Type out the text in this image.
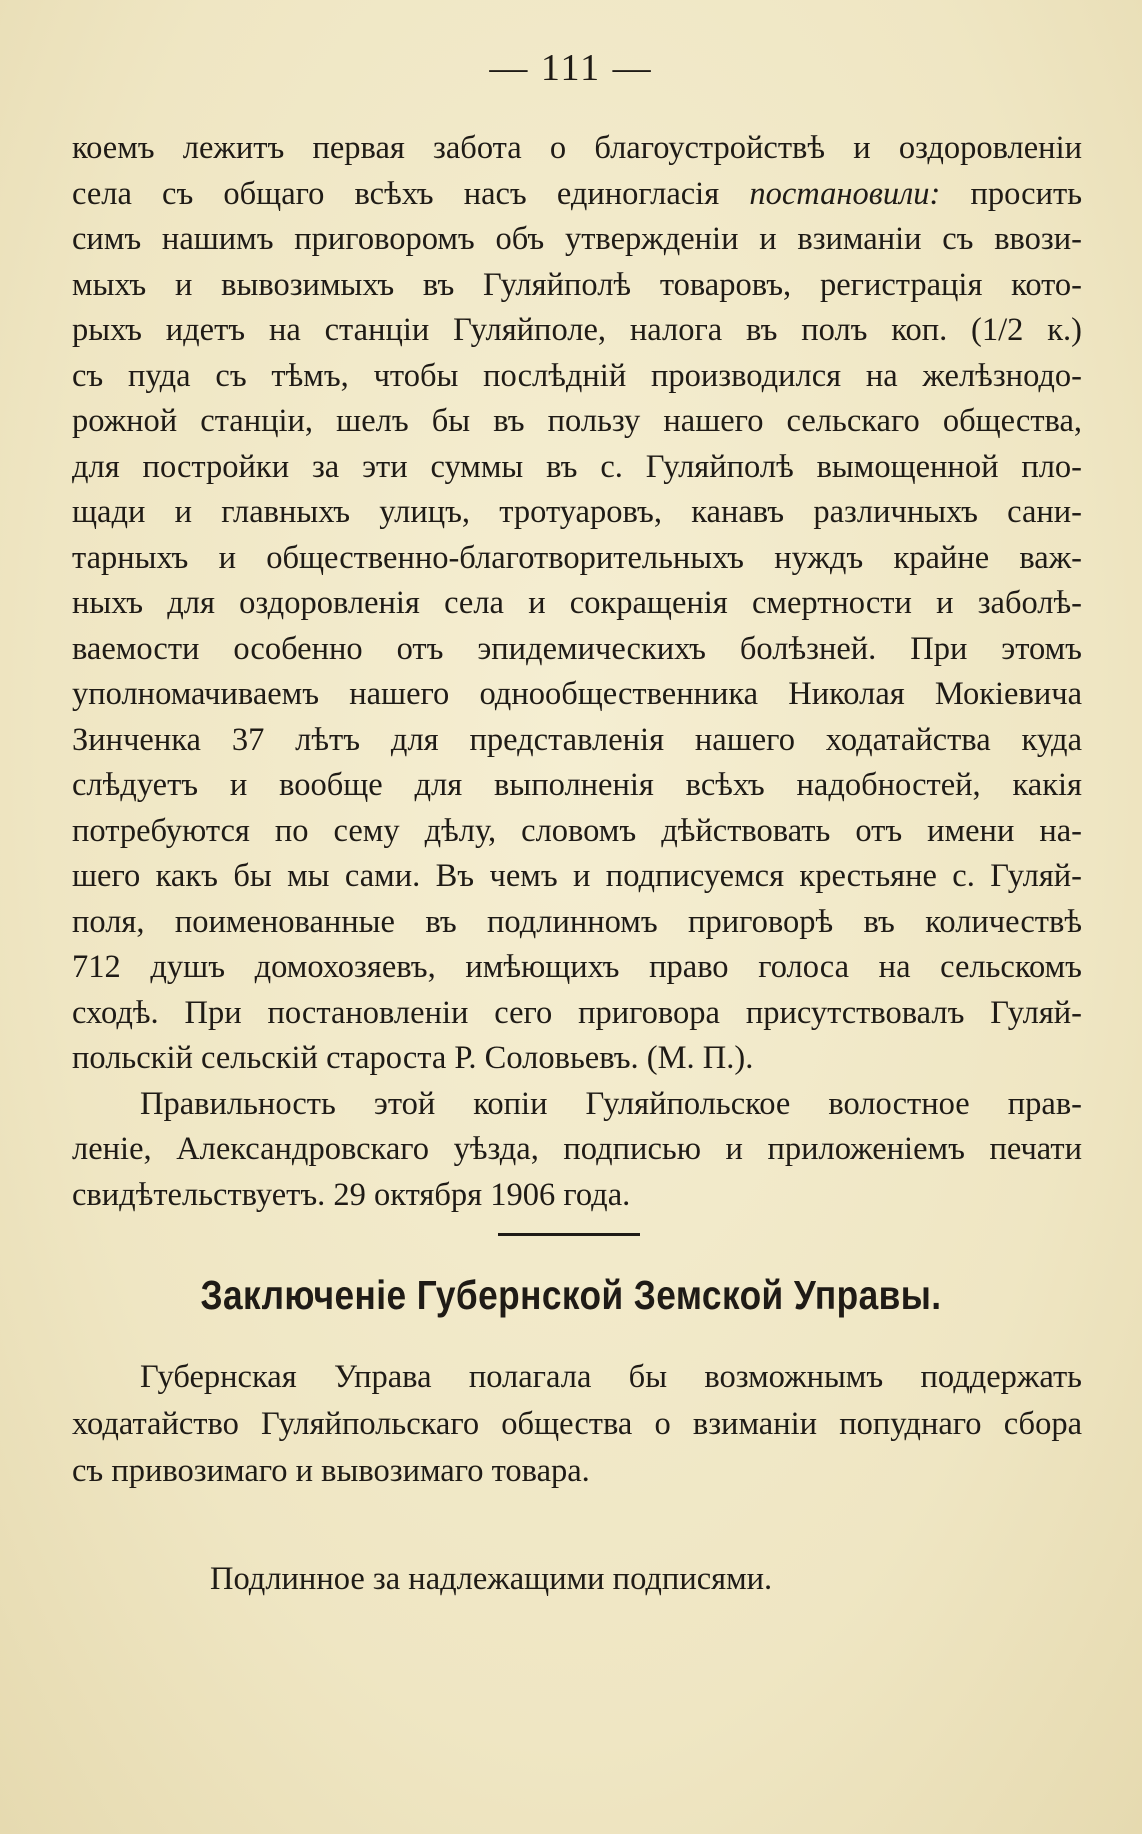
— 111 —

коемъ лежитъ первая забота о благоустройствѣ и оздоровленіи

села съ общаго всѣхъ насъ единогласія постановили: просить

симъ нашимъ приговоромъ объ утвержденіи и взиманіи съ ввози-

мыхъ и вывозимыхъ въ Гуляйполѣ товаровъ, регистрація кото-

рыхъ идетъ на станціи Гуляйполе, налога въ полъ коп. (1/2 к.)

съ пуда съ тѣмъ, чтобы послѣдній производился на желѣзнодо-

рожной станціи, шелъ бы въ пользу нашего сельскаго общества,

для постройки за эти суммы въ с. Гуляйполѣ вымощенной пло-

щади и главныхъ улицъ, тротуаровъ, канавъ различныхъ сани-

тарныхъ и общественно-благотворительныхъ нуждъ крайне важ-

ныхъ для оздоровленія села и сокращенія смертности и заболѣ-

ваемости особенно отъ эпидемическихъ болѣзней. При этомъ

уполномачиваемъ нашего однообщественника Николая Мокіевича

Зинченка 37 лѣтъ для представленія нашего ходатайства куда

слѣдуетъ и вообще для выполненія всѣхъ надобностей, какія

потребуются по сему дѣлу, словомъ дѣйствовать отъ имени на-

шего какъ бы мы сами. Въ чемъ и подписуемся крестьяне с. Гуляй-

поля, поименованные въ подлинномъ приговорѣ въ количествѣ

712 душъ домохозяевъ, имѣющихъ право голоса на сельскомъ

сходѣ. При постановленіи сего приговора присутствовалъ Гуляй-

польскій сельскій староста Р. Соловьевъ. (М. П.).

Правильность этой копіи Гуляйпольское волостное прав-

леніе, Александровскаго уѣзда, подписью и приложеніемъ печати

свидѣтельствуетъ. 29 октября 1906 года.

Заключеніе Губернской Земской Управы.

Губернская Управа полагала бы возможнымъ поддержать

ходатайство Гуляйпольскаго общества о взиманіи попуднаго сбора

съ привозимаго и вывозимаго товара.

Подлинное за надлежащими подписями.
